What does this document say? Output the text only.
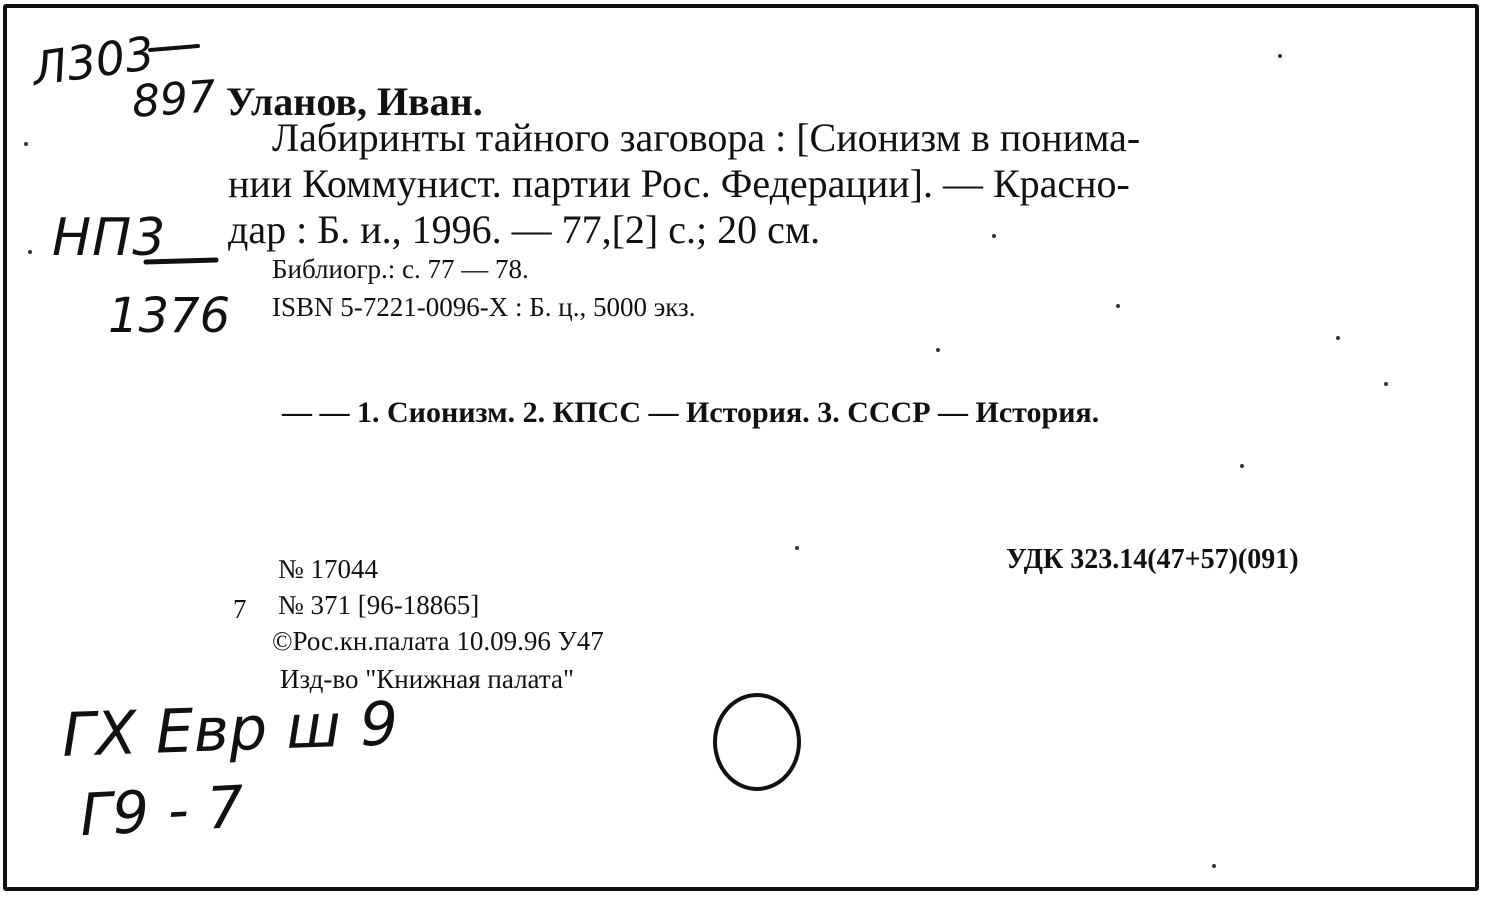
Л303
897
НП3
1376
ГХ Евр ш 9
Г9 - 7
Уланов, Иван.
Лабиринты тайного заговора : [Сионизм в понима-
нии Коммунист. партии Рос. Федерации]. — Красно-
дар : Б. и., 1996. — 77,[2] с.; 20 см.
Библиогр.: с. 77 — 78.
ISBN 5-7221-0096-X : Б. ц., 5000 экз.
— — 1. Сионизм. 2. КПСС — История. 3. СССР — История.
№ 17044	УДК 323.14(47+57)(091)
7 № 371 [96-18865]
©Рос.кн.палата 10.09.96 У47
Изд-во "Книжная палата"
